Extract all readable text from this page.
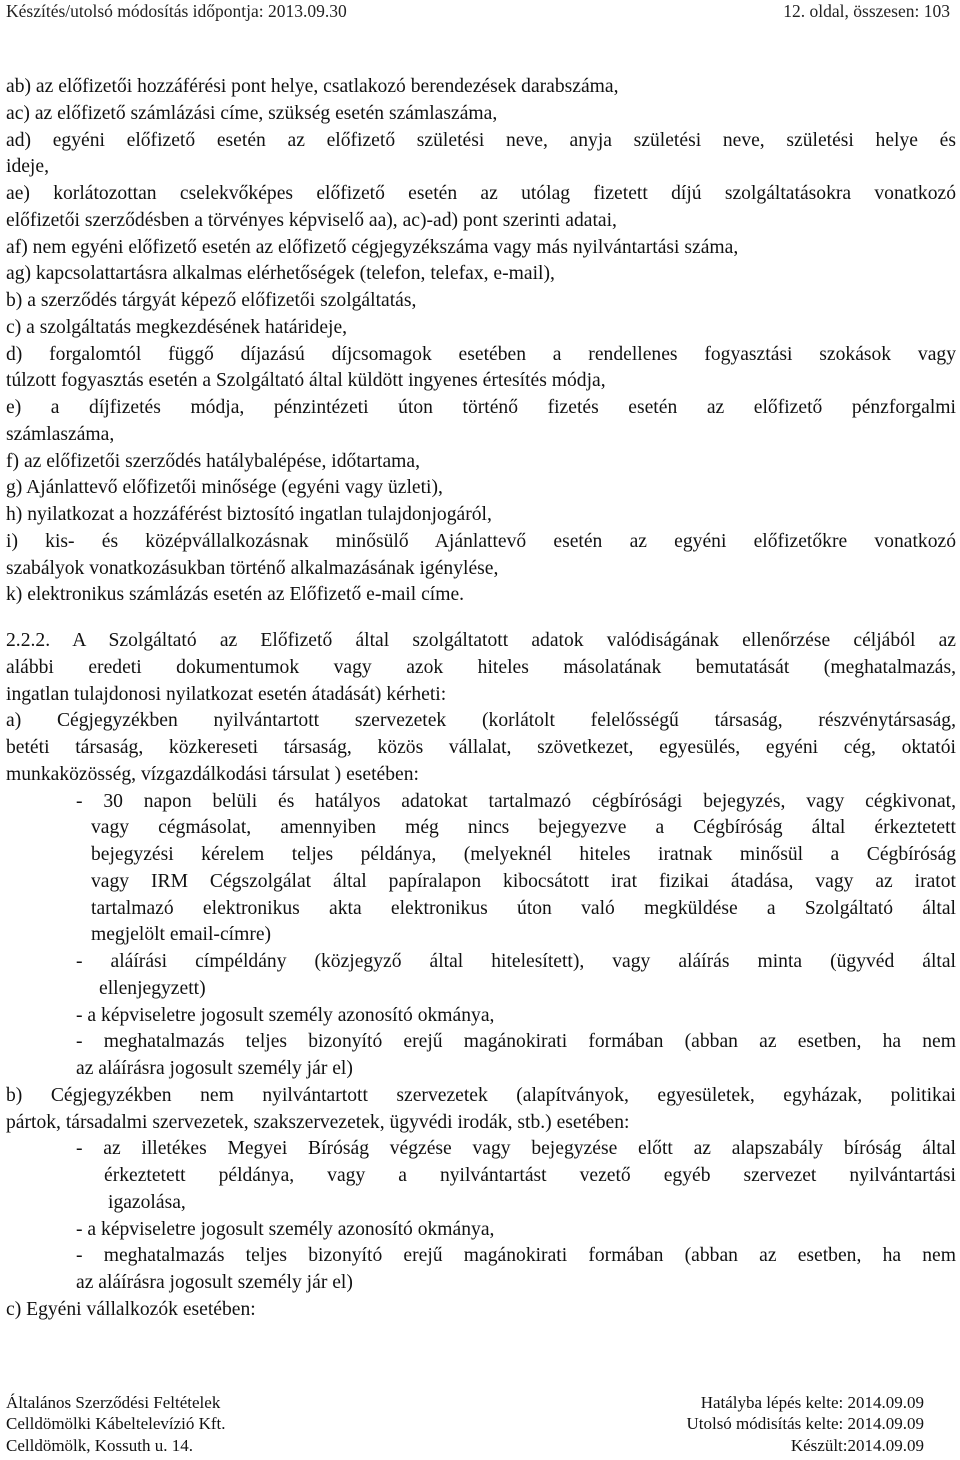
Készítés/utolsó módosítás időpontja: 2013.09.30	12. oldal, összesen: 103
ab) az előfizetői hozzáférési pont helye, csatlakozó berendezések darabszáma,
ac) az előfizető számlázási címe, szükség esetén számlaszáma,
ad) egyéni előfizető esetén az előfizető születési neve, anyja születési neve, születési helye és
ideje,
ae) korlátozottan cselekvőképes előfizető esetén az utólag fizetett díjú szolgáltatásokra vonatkozó
előfizetői szerződésben a törvényes képviselő aa), ac)-ad) pont szerinti adatai,
af) nem egyéni előfizető esetén az előfizető cégjegyzékszáma vagy más nyilvántartási száma,
ag) kapcsolattartásra alkalmas elérhetőségek (telefon, telefax, e-mail),
b) a szerződés tárgyát képező előfizetői szolgáltatás,
c) a szolgáltatás megkezdésének határideje,
d) forgalomtól függő díjazású díjcsomagok esetében a rendellenes fogyasztási szokások vagy
túlzott fogyasztás esetén a Szolgáltató által küldött ingyenes értesítés módja,
e) a díjfizetés módja, pénzintézeti úton történő fizetés esetén az előfizető pénzforgalmi
számlaszáma,
f) az előfizetői szerződés hatálybalépése, időtartama,
g) Ajánlattevő előfizetői minősége (egyéni vagy üzleti),
h) nyilatkozat a hozzáférést biztosító ingatlan tulajdonjogáról,
i) kis- és középvállalkozásnak minősülő Ajánlattevő esetén az egyéni előfizetőkre vonatkozó
szabályok vonatkozásukban történő alkalmazásának igénylése,
k) elektronikus számlázás esetén az Előfizető e-mail címe.
2.2.2. A Szolgáltató az Előfizető által szolgáltatott adatok valódiságának ellenőrzése céljából az
alábbi eredeti dokumentumok vagy azok hiteles másolatának bemutatását (meghatalmazás,
ingatlan tulajdonosi nyilatkozat esetén átadását) kérheti:
a) Cégjegyzékben nyilvántartott szervezetek (korlátolt felelősségű társaság, részvénytársaság,
betéti társaság, közkereseti társaság, közös vállalat, szövetkezet, egyesülés, egyéni cég, oktatói
munkaközösség, vízgazdálkodási társulat ) esetében:
- 30 napon belüli és hatályos adatokat tartalmazó cégbírósági bejegyzés, vagy cégkivonat,
vagy cégmásolat, amennyiben még nincs bejegyezve a Cégbíróság által érkeztetett
bejegyzési kérelem teljes példánya, (melyeknél hiteles iratnak minősül a Cégbíróság
vagy IRM Cégszolgálat által papíralapon kibocsátott irat fizikai átadása, vagy az iratot
tartalmazó elektronikus akta elektronikus úton való megküldése a Szolgáltató által
megjelölt email-címre)
- aláírási címpéldány (közjegyző által hitelesített), vagy aláírás minta (ügyvéd által
ellenjegyzett)
- a képviseletre jogosult személy azonosító okmánya,
- meghatalmazás teljes bizonyító erejű magánokirati formában (abban az esetben, ha nem
az aláírásra jogosult személy jár el)
b) Cégjegyzékben nem nyilvántartott szervezetek (alapítványok, egyesületek, egyházak, politikai
pártok, társadalmi szervezetek, szakszervezetek, ügyvédi irodák, stb.) esetében:
- az illetékes Megyei Bíróság végzése vagy bejegyzése előtt az alapszabály bíróság által
érkeztetett példánya, vagy a nyilvántartást vezető egyéb szervezet nyilvántartási
igazolása,
- a képviseletre jogosult személy azonosító okmánya,
- meghatalmazás teljes bizonyító erejű magánokirati formában (abban az esetben, ha nem
az aláírásra jogosult személy jár el)
c) Egyéni vállalkozók esetében:
Általános Szerződési Feltételek	Hatályba lépés kelte: 2014.09.09
Celldömölki Kábeltelevízió Kft.	Utolsó módisítás kelte: 2014.09.09
Celldömölk, Kossuth u. 14.	Készült:2014.09.09
